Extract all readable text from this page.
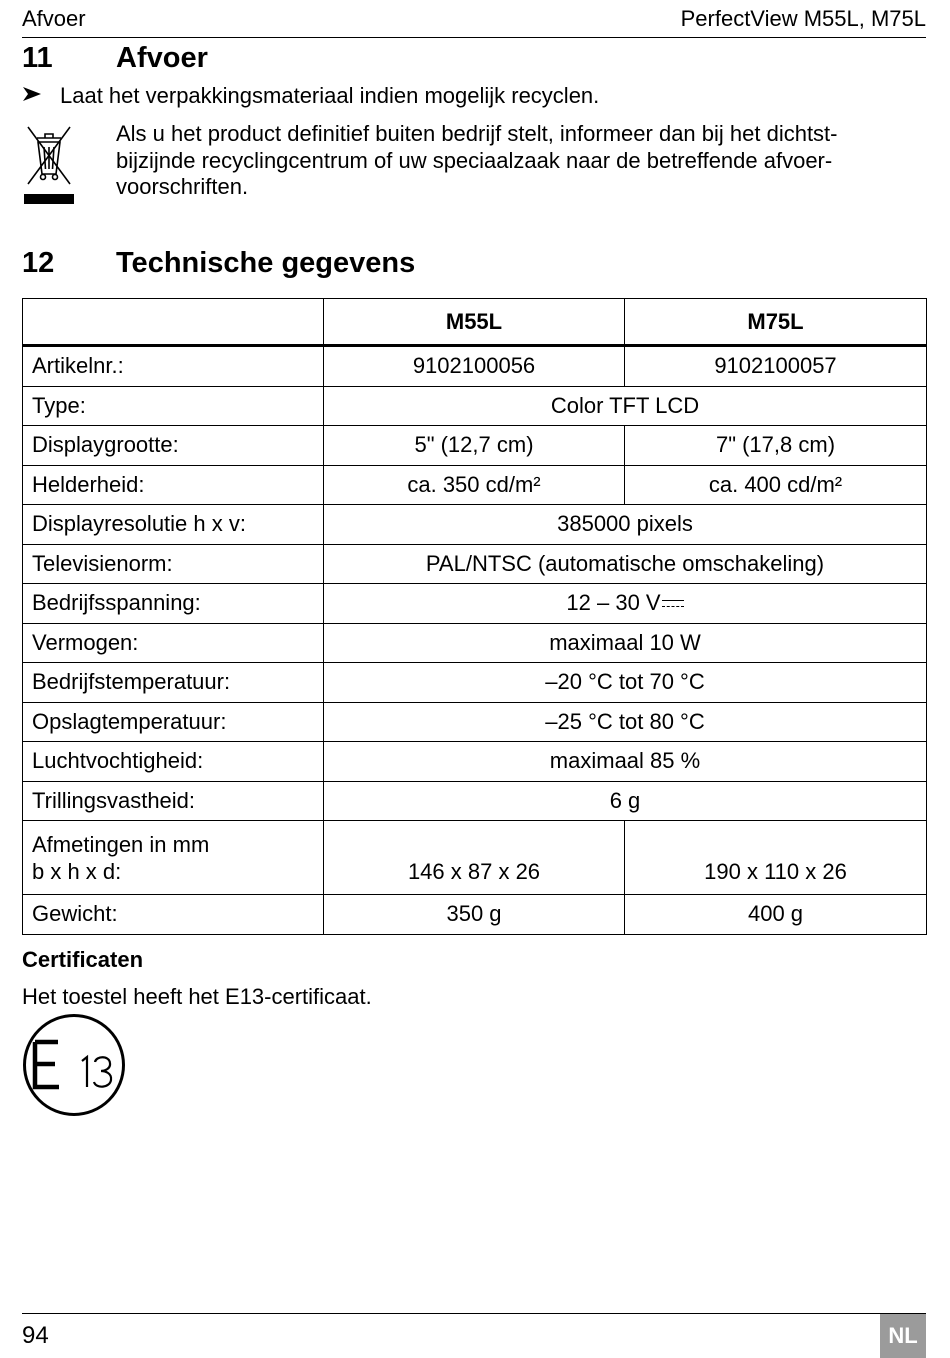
Afvoer	PerfectView M55L, M75L
11 Afvoer
Laat het verpakkingsmateriaal indien mogelijk recyclen.
Als u het product definitief buiten bedrijf stelt, informeer dan bij het dichtst-
bijzijnde recyclingcentrum of uw speciaalzaak naar de betreffende afvoer-
voorschriften.
12 Technische gegevens
	M55L	M75L
Artikelnr.:	9102100056	9102100057
Type:	Color TFT LCD	
Displaygrootte:	5" (12,7 cm)	7" (17,8 cm)
Helderheid:	ca. 350 cd/m²	ca. 400 cd/m²
Displayresolutie h x v:	385000 pixels	
Televisienorm:	PAL/NTSC (automatische omschakeling)	
Bedrijfsspanning:	12 – 30 V	

Vermogen:	maximaal 10 W	
Bedrijfstemperatuur:	–20 °C tot 70 °C	
Opslagtemperatuur:	–25 °C tot 80 °C	
Luchtvochtigheid:	maximaal 85 %	
Trillingsvastheid:	6 g	

Afmetingen in mm
b x h x d:	146 x 87 x 26	190 x 110 x 26
Gewicht:	350 g	400 g
Certificaten
Het toestel heeft het E13-certificaat.
94	NL
